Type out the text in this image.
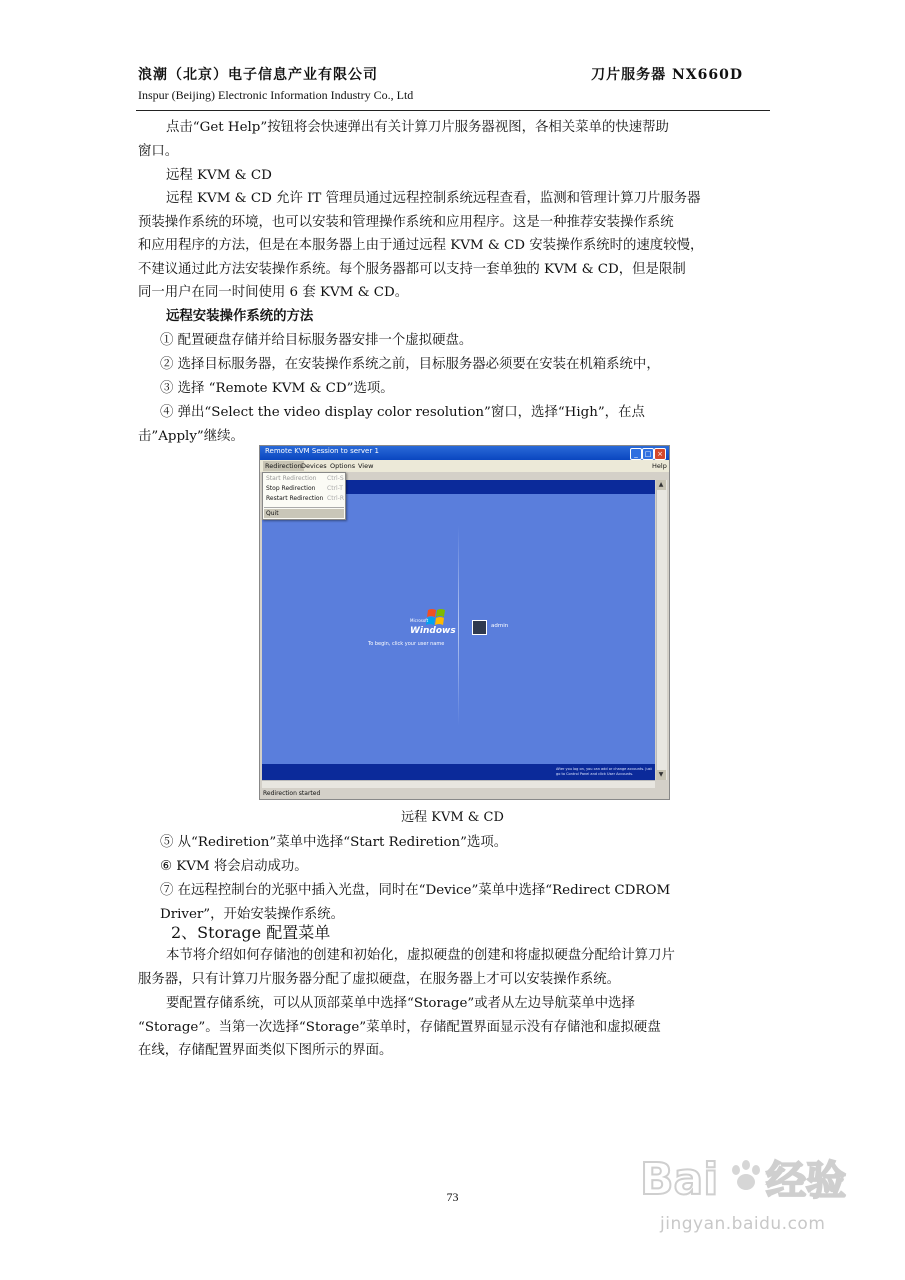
浪潮（北京）电子信息产业有限公司	刀片服务器 NX660D
Inspur (Beijing) Electronic Information Industry Co., Ltd
点击“Get Help”按钮将会快速弹出有关计算刀片服务器视图，各相关菜单的快速帮助
窗口。
远程 KVM & CD
远程 KVM & CD 允许 IT 管理员通过远程控制系统远程查看，监测和管理计算刀片服务器
预装操作系统的环境，也可以安装和管理操作系统和应用程序。这是一种推荐安装操作系统
和应用程序的方法，但是在本服务器上由于通过远程 KVM & CD 安装操作系统时的速度较慢，
不建议通过此方法安装操作系统。每个服务器都可以支持一套单独的 KVM & CD，但是限制
同一用户在同一时间使用 6 套 KVM & CD。
远程安装操作系统的方法
① 配置硬盘存储并给目标服务器安排一个虚拟硬盘。
② 选择目标服务器，在安装操作系统之前，目标服务器必须要在安装在机箱系统中，
③ 选择 “Remote KVM & CD”选项。
④ 弹出“Select the video display color resolution”窗口，选择“High”，在点
击”Apply”继续。
Remote KVM Session to server 1	_ □ ×
Redirection Devices Options View	Help
Microsoft
Windows
To begin, click your user name
admin
After you log on, you can add or change accounts. Just go to Control Panel and click User Accounts.
▲
▼
Redirection started
Start Redirection Ctrl-S
Stop Redirection Ctrl-T
Restart Redirection Ctrl-R
Quit
远程 KVM & CD
⑤ 从“Rediretion”菜单中选择“Start Rediretion”选项。
⑥ KVM 将会启动成功。
⑦ 在远程控制台的光驱中插入光盘，同时在“Device”菜单中选择“Redirect CDROM
Driver”，开始安装操作系统。
2、Storage 配置菜单
本节将介绍如何存储池的创建和初始化，虚拟硬盘的创建和将虚拟硬盘分配给计算刀片
服务器，只有计算刀片服务器分配了虚拟硬盘，在服务器上才可以安装操作系统。
要配置存储系统，可以从顶部菜单中选择“Storage”或者从左边导航菜单中选择
“Storage”。当第一次选择“Storage”菜单时，存储配置界面显示没有存储池和虚拟硬盘
在线，存储配置界面类似下图所示的界面。
73	Bai 经验
jingyan.baidu.com
